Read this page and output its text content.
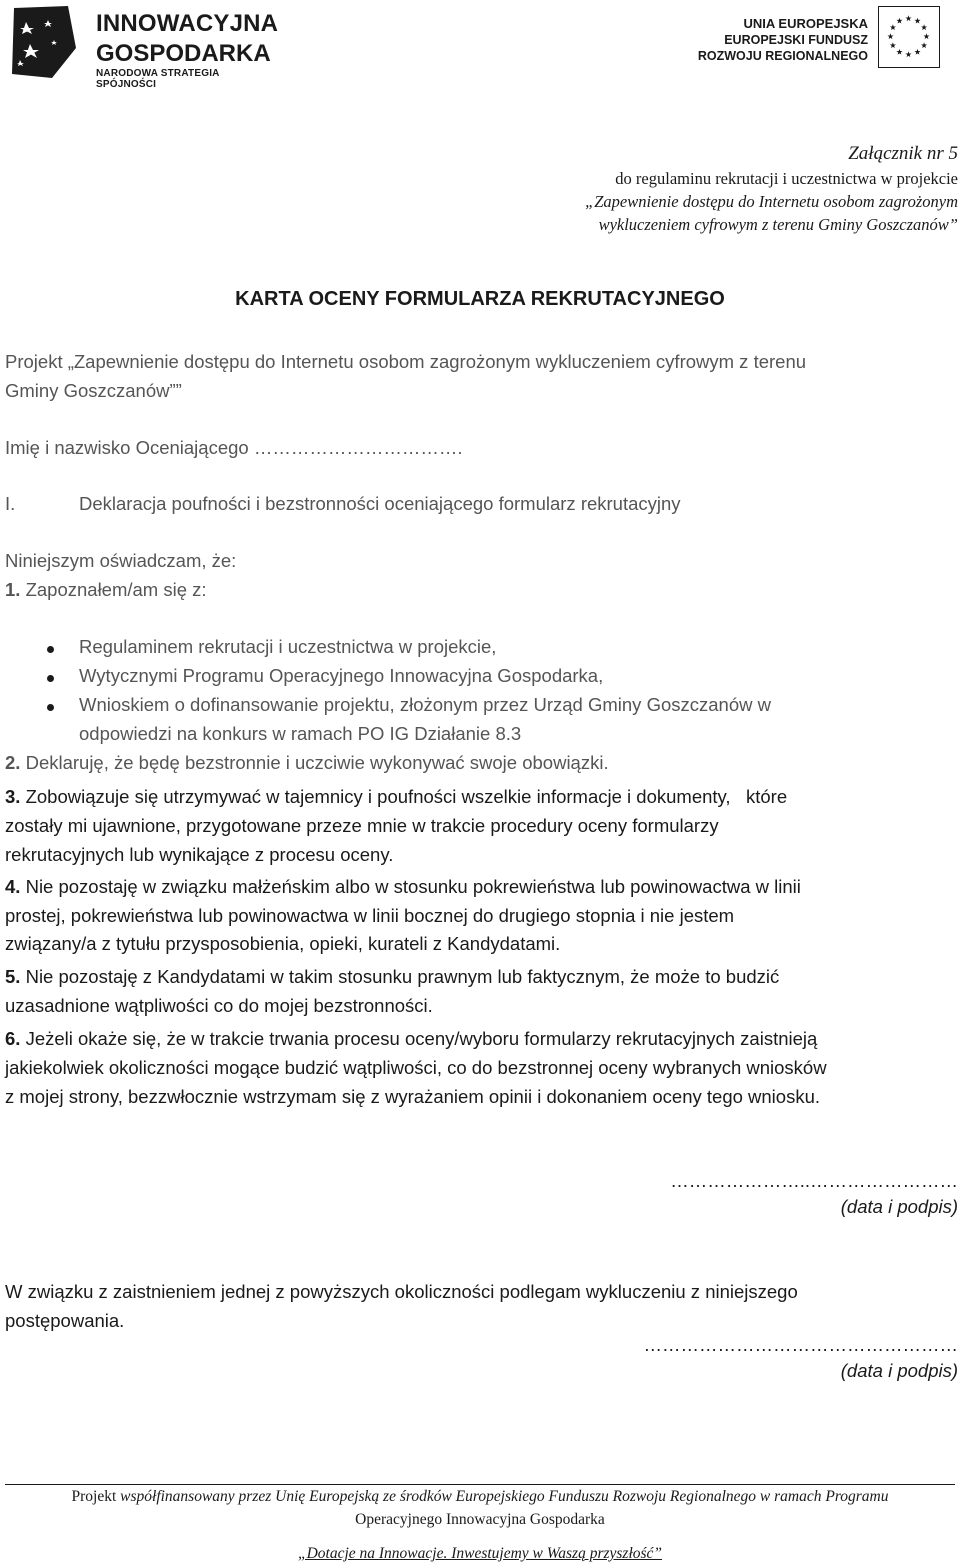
INNOWACYJNA
GOSPODARKA
NARODOWA STRATEGIA SPÓJNOŚCI
UNIA EUROPEJSKA
EUROPEJSKI FUNDUSZ
ROZWOJU REGIONALNEGO
Załącznik nr 5
do regulaminu rekrutacji i uczestnictwa w projekcie
„Zapewnienie dostępu do Internetu osobom zagrożonym
wykluczeniem cyfrowym z terenu Gminy Goszczanów”
KARTA OCENY FORMULARZA REKRUTACYJNEGO
Projekt „Zapewnienie dostępu do Internetu osobom zagrożonym wykluczeniem cyfrowym z terenu
Gminy Goszczanów””
Imię i nazwisko Oceniającego …………………………….
I.	Deklaracja poufności i bezstronności oceniającego formularz rekrutacyjny
Niniejszym oświadczam, że:
1. Zapoznałem/am się z:
Regulaminem rekrutacji i uczestnictwa w projekcie,
Wytycznymi Programu Operacyjnego Innowacyjna Gospodarka,
Wnioskiem o dofinansowanie projektu, złożonym przez Urząd Gminy Goszczanów w
odpowiedzi na konkurs w ramach PO IG Działanie 8.3
2. Deklaruję, że będę bezstronnie i uczciwie wykonywać swoje obowiązki.
3. Zobowiązuje się utrzymywać w tajemnicy i poufności wszelkie informacje i dokumenty,   które
zostały mi ujawnione, przygotowane przeze mnie w trakcie procedury oceny formularzy
rekrutacyjnych lub wynikające z procesu oceny.
4. Nie pozostaję w związku małżeńskim albo w stosunku pokrewieństwa lub powinowactwa w linii
prostej, pokrewieństwa lub powinowactwa w linii bocznej do drugiego stopnia i nie jestem
związany/a z tytułu przysposobienia, opieki, kurateli z Kandydatami.
5. Nie pozostaję z Kandydatami w takim stosunku prawnym lub faktycznym, że może to budzić
uzasadnione wątpliwości co do mojej bezstronności.
6. Jeżeli okaże się, że w trakcie trwania procesu oceny/wyboru formularzy rekrutacyjnych zaistnieją
jakiekolwiek okoliczności mogące budzić wątpliwości, co do bezstronnej oceny wybranych wniosków
z mojej strony, bezzwłocznie wstrzymam się z wyrażaniem opinii i dokonaniem oceny tego wniosku.
…………………..……………………
(data i podpis)
W związku z zaistnieniem jednej z powyższych okoliczności podlegam wykluczeniu z niniejszego
postępowania.
……………………………………………
(data i podpis)
Projekt współfinansowany przez Unię Europejską ze środków Europejskiego Funduszu Rozwoju Regionalnego w ramach Programu
Operacyjnego Innowacyjna Gospodarka
„Dotacje na Innowacje. Inwestujemy w Waszą przyszłość”
